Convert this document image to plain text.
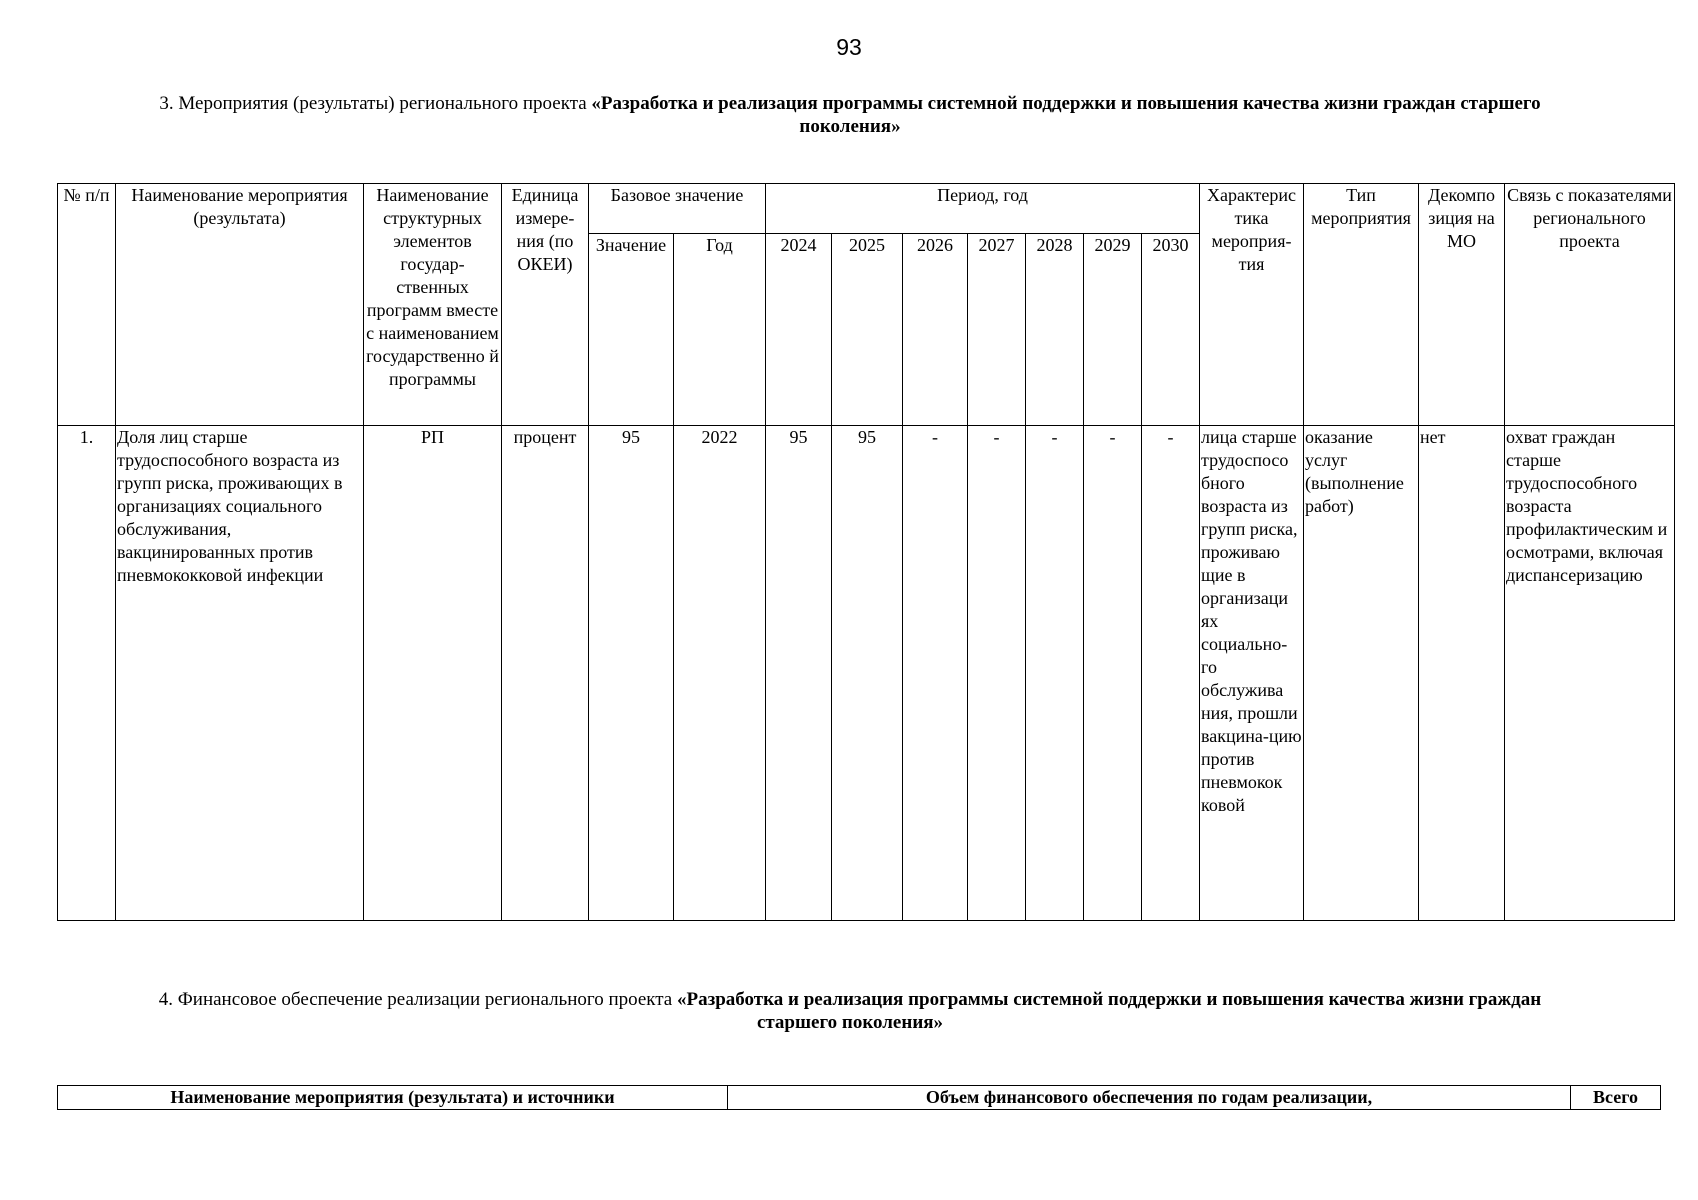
93
3. Мероприятия (результаты) регионального проекта «Разработка и реализация программы системной поддержки и повышения качества жизни граждан старшего поколения»
№ п/п	Наименование мероприятия (результата)	Наименование структурных элементов государ-ственных программ вместе с наименованием государственно й программы	Единица измере-ния (по ОКЕИ)	Базовое значение		Период, год							Характерис тика мероприя-тия	Тип мероприятия	Декомпо зиция на МО	Связь с показателями регионального проекта
				Значение	Год	2024	2025	2026	2027	2028	2029	2030				
1.	Доля лиц старше трудоспособного возраста из групп риска, проживающих в организациях социального обслуживания, вакцинированных против пневмококковой инфекции	РП	процент	95	2022	95	95	-	-	-	-	-	лица старше трудоспосо бного возраста из групп риска, проживаю щие в организаци ях социально-го обслужива ния, прошли вакцина-цию против пневмокок ковой	оказание услуг (выполнение работ)	нет	охват граждан старше трудоспособного возраста профилактическим и осмотрами, включая диспансеризацию
4. Финансовое обеспечение реализации регионального проекта «Разработка и реализация программы системной поддержки и повышения качества жизни граждан старшего поколения»
Наименование мероприятия (результата) и источники	Объем финансового обеспечения по годам реализации,	Всего
